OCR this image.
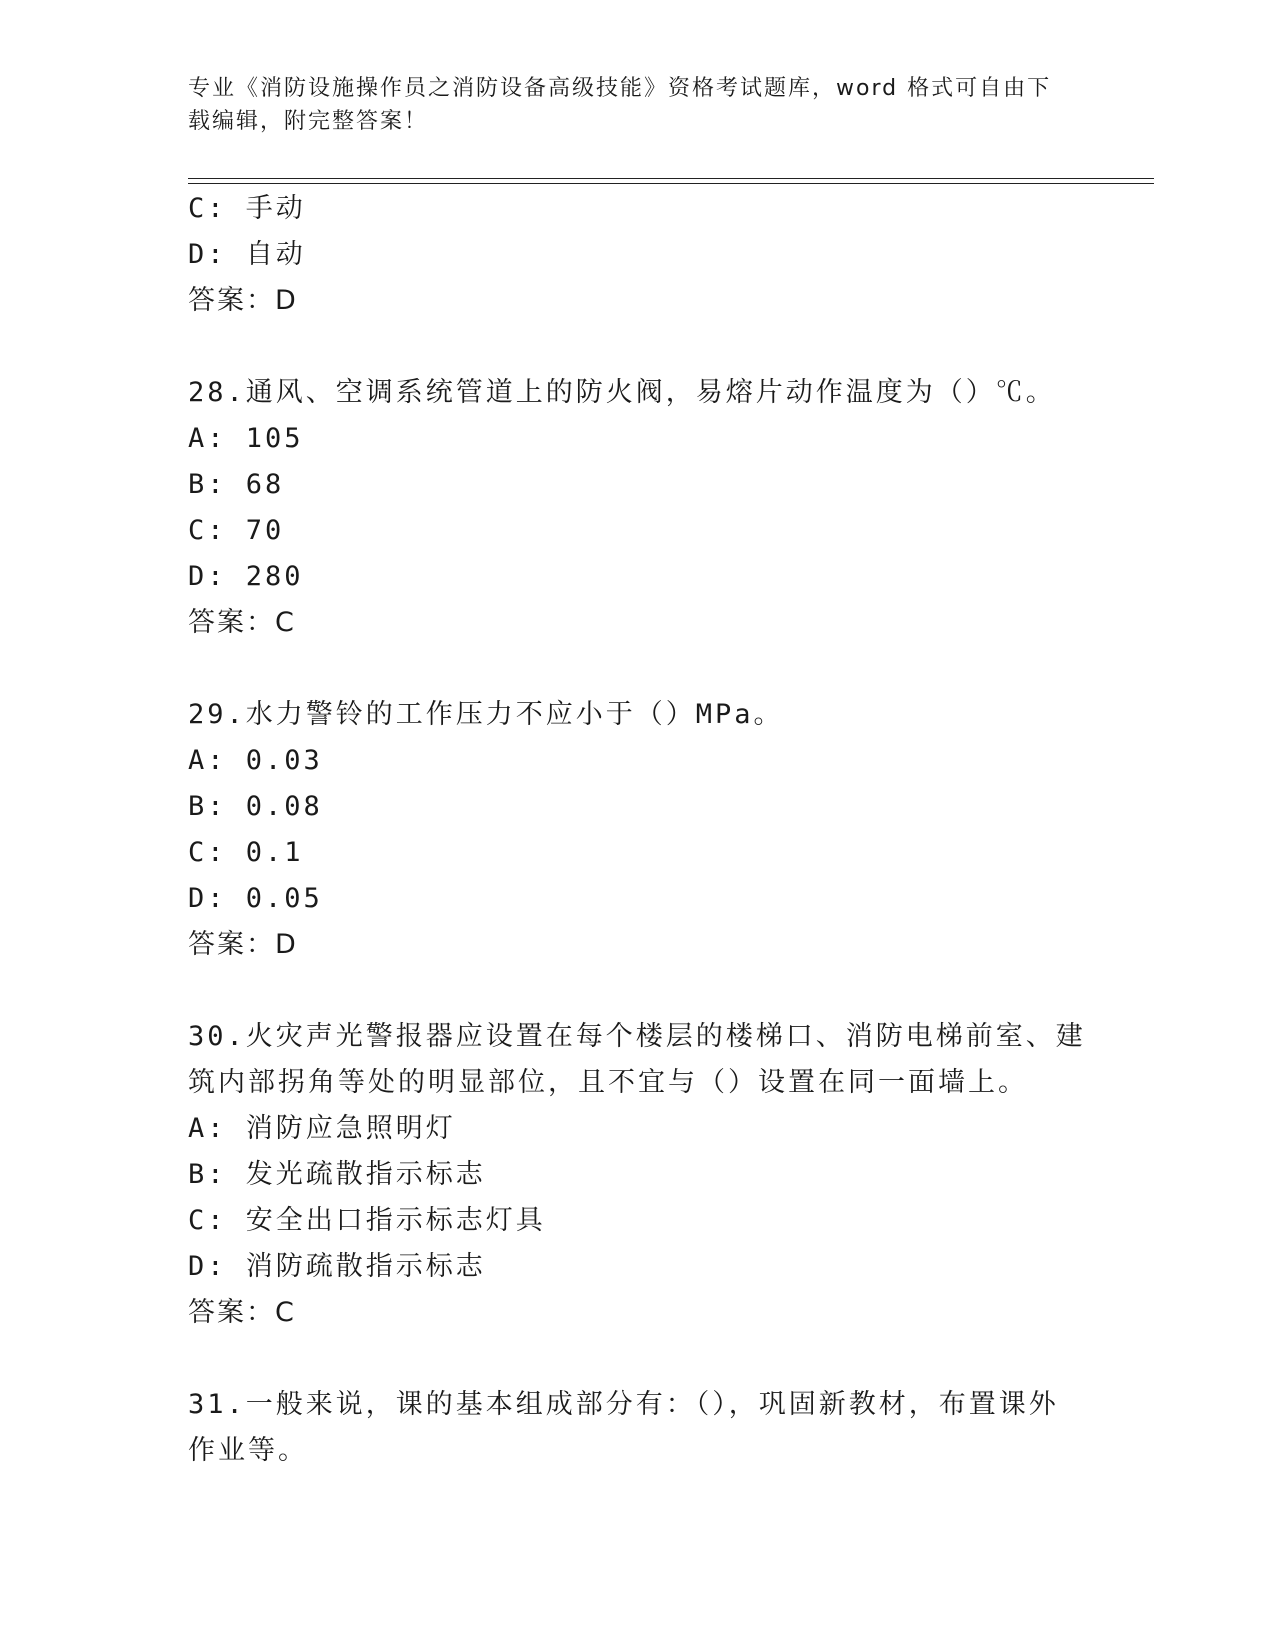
专业《消防设施操作员之消防设备高级技能》资格考试题库，word 格式可自由下载编辑，附完整答案！
C: 手动
D: 自动
答案：D
28.通风、空调系统管道上的防火阀，易熔片动作温度为（）℃。
A: 105
B: 68
C: 70
D: 280
答案：C
29.水力警铃的工作压力不应小于（）MPa。
A: 0.03
B: 0.08
C: 0.1
D: 0.05
答案：D
30.火灾声光警报器应设置在每个楼层的楼梯口、消防电梯前室、建筑内部拐角等处的明显部位，且不宜与（）设置在同一面墙上。
A: 消防应急照明灯
B: 发光疏散指示标志
C: 安全出口指示标志灯具
D: 消防疏散指示标志
答案：C
31.一般来说，课的基本组成部分有：（），巩固新教材，布置课外作业等。
